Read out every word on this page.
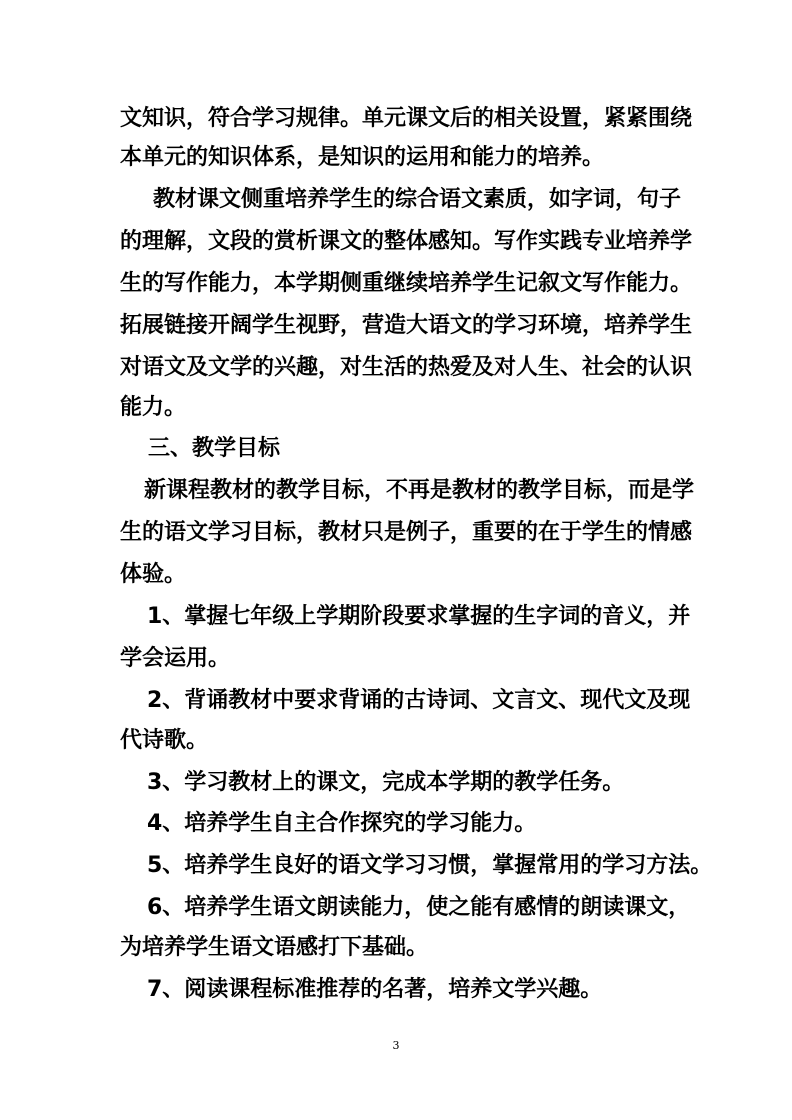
文知识，符合学习规律。单元课文后的相关设置，紧紧围绕
本单元的知识体系，是知识的运用和能力的培养。
教材课文侧重培养学生的综合语文素质，如字词，句子
的理解，文段的赏析课文的整体感知。写作实践专业培养学
生的写作能力，本学期侧重继续培养学生记叙文写作能力。
拓展链接开阔学生视野，营造大语文的学习环境，培养学生
对语文及文学的兴趣，对生活的热爱及对人生、社会的认识
能力。
三、教学目标
新课程教材的教学目标，不再是教材的教学目标，而是学
生的语文学习目标，教材只是例子，重要的在于学生的情感
体验。
1、掌握七年级上学期阶段要求掌握的生字词的音义，并
学会运用。
2、背诵教材中要求背诵的古诗词、文言文、现代文及现
代诗歌。
3、学习教材上的课文，完成本学期的教学任务。
4、培养学生自主合作探究的学习能力。
5、培养学生良好的语文学习习惯，掌握常用的学习方法。
6、培养学生语文朗读能力，使之能有感情的朗读课文，
为培养学生语文语感打下基础。
7、阅读课程标准推荐的名著，培养文学兴趣。
3
